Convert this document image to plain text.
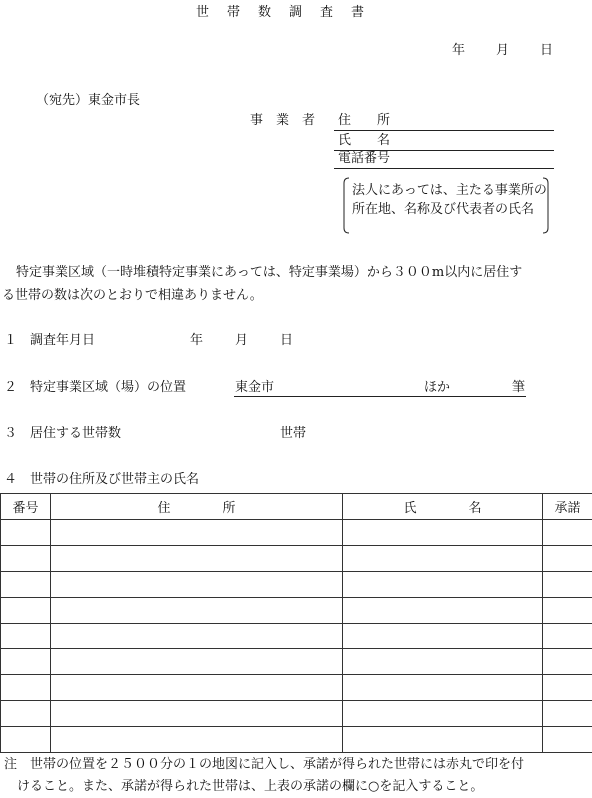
世 帯 数 調 査 書
年 月 日
（宛先）東金市長
事　業　者 住　　所
氏　　名
電話番号
法人にあっては、主たる事業所の所在地、名称及び代表者の氏名
特定事業区域（一時堆積特定事業にあっては、特定事業場）から３００m以内に居住す
る世帯の数は次のとおりで相違ありません。
１　調査年月日	年 月 日
２　特定事業区域（場）の位置	東金市	ほか	筆
３　居住する世帯数	世帯
４　世帯の住所及び世帯主の氏名
番号	住　　　　所	氏　　　　名	承諾

注　世帯の位置を２５００分の１の地図に記入し、承諾が得られた世帯には赤丸で印を付
　けること。また、承諾が得られた世帯は、上表の承諾の欄に○を記入すること。
